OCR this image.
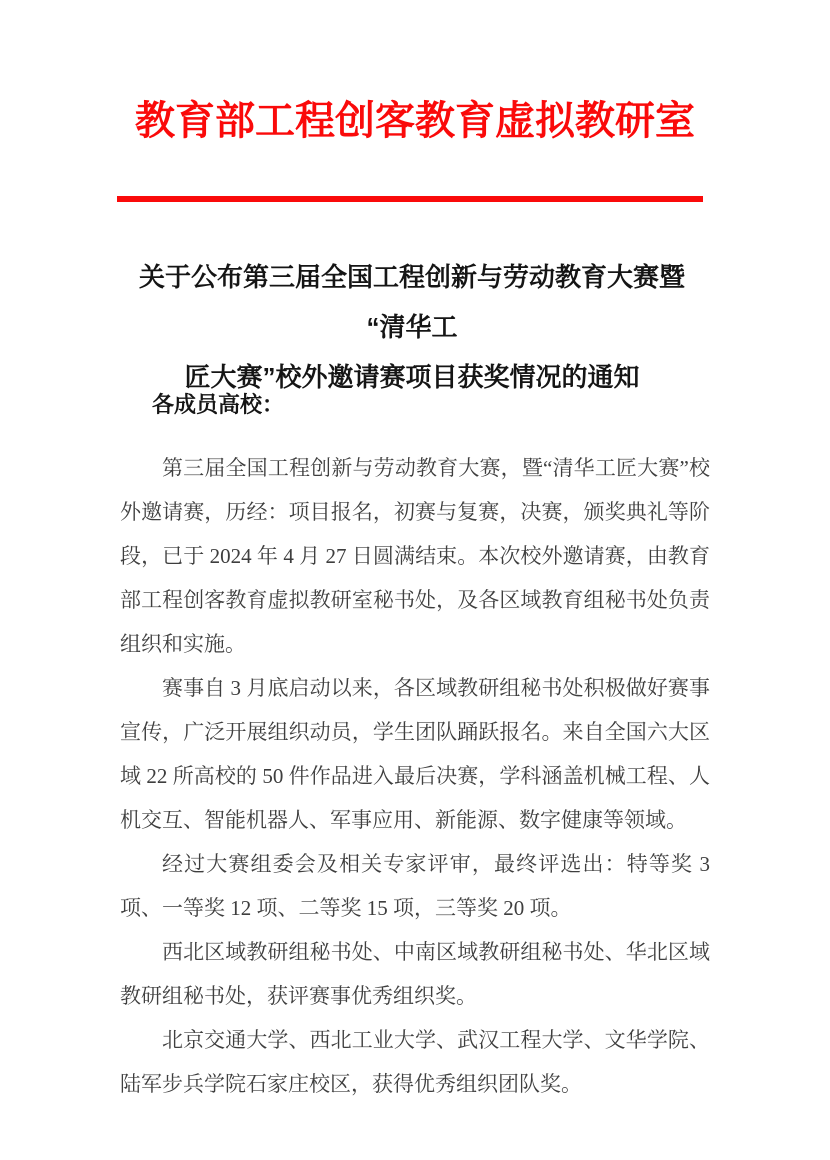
教育部工程创客教育虚拟教研室
关于公布第三届全国工程创新与劳动教育大赛暨 “清华工
匠大赛”校外邀请赛项目获奖情况的通知
各成员高校：

第三届全国工程创新与劳动教育大赛，暨“清华工匠大赛”校外邀请赛，历经：项目报名，初赛与复赛，决赛，颁奖典礼等阶段，已于 2024 年 4 月 27 日圆满结束。本次校外邀请赛，由教育部工程创客教育虚拟教研室秘书处，及各区域教育组秘书处负责组织和实施。

赛事自 3 月底启动以来，各区域教研组秘书处积极做好赛事宣传，广泛开展组织动员，学生团队踊跃报名。来自全国六大区域 22 所高校的 50 件作品进入最后决赛，学科涵盖机械工程、人机交互、智能机器人、军事应用、新能源、数字健康等领域。

经过大赛组委会及相关专家评审，最终评选出：特等奖 3 项、一等奖 12 项、二等奖 15 项，三等奖 20 项。

西北区域教研组秘书处、中南区域教研组秘书处、华北区域教研组秘书处，获评赛事优秀组织奖。

北京交通大学、西北工业大学、武汉工程大学、文华学院、陆军步兵学院石家庄校区，获得优秀组织团队奖。
